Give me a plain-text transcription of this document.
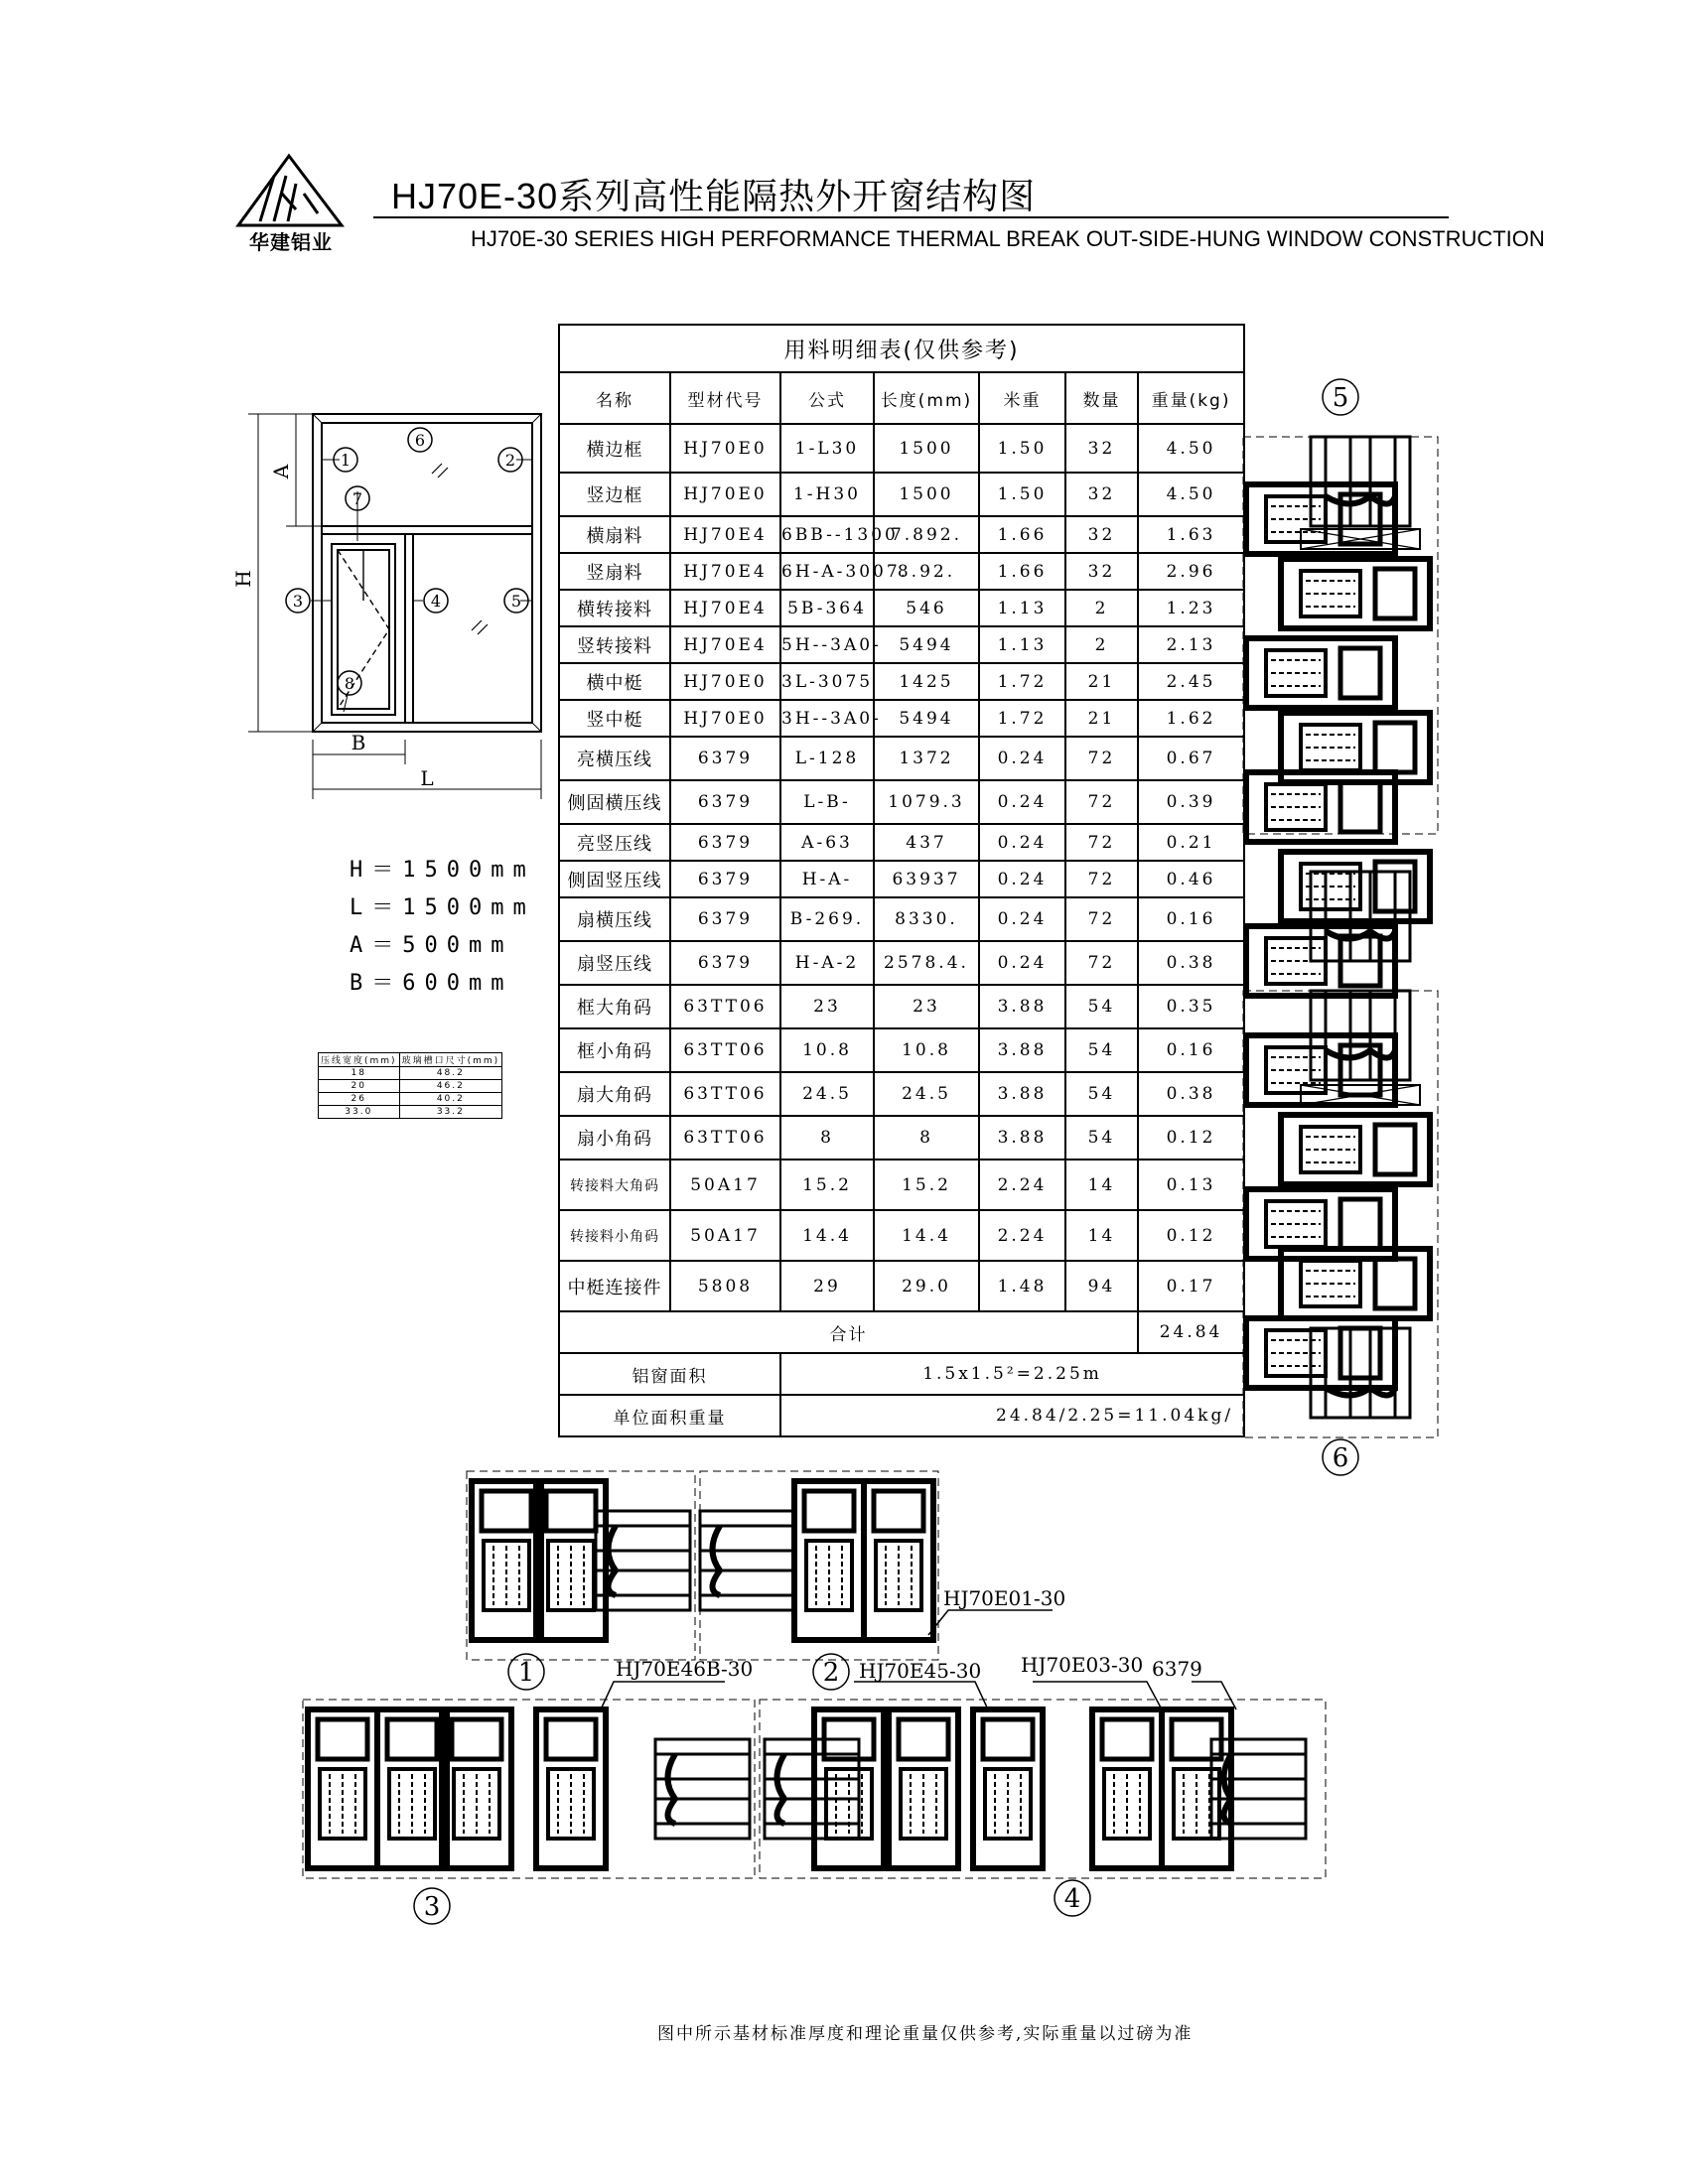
华建铝业
HJ70E-30系列高性能隔热外开窗结构图
HJ70E-30 SERIES HIGH PERFORMANCE THERMAL BREAK OUT-SIDE-HUNG WINDOW CONSTRUCTION
1
6
2
7
3	4	5
8
H
A
B
L
H＝1500mm
L＝1500mm
A＝500mm
B＝600mm
压线宽度(mm)	玻璃槽口尺寸(mm)
18	48.2
20	46.2
26	40.2
33.0	33.2
用料明细表(仅供参考)						
名称	型材代号	公式	长度(mm)	米重	数量	重量(kg)
横边框	HJ70E0	1-L30	1500	1.50	32	4.50
竖边框	HJ70E0	1-H30	1500	1.50	32	4.50
横扇料	HJ70E4	6BB--1300	7.892.	1.66	32	1.63
竖扇料	HJ70E4	6H-A-3007.	8.92.	1.66	32	2.96
横转接料	HJ70E4	5B-364	546	1.13	2	1.23
竖转接料	HJ70E4	5H--3A0-	5494	1.13	2	2.13
横中梃	HJ70E0	3L-3075	1425	1.72	21	2.45
竖中梃	HJ70E0	3H--3A0-	5494	1.72	21	1.62
亮横压线	6379	L-128	1372	0.24	72	0.67
侧固横压线	6379	L-B-	1079.3	0.24	72	0.39
亮竖压线	6379	A-63	437	0.24	72	0.21
侧固竖压线	6379	H-A-	63937	0.24	72	0.46
扇横压线	6379	B-269.	8330.	0.24	72	0.16
扇竖压线	6379	H-A-2	2578.4.	0.24	72	0.38
框大角码	63TT06	23	23	3.88	54	0.35
框小角码	63TT06	10.8	10.8	3.88	54	0.16
扇大角码	63TT06	24.5	24.5	3.88	54	0.38
扇小角码	63TT06	8	8	3.88	54	0.12
转接料大角码	50A17	15.2	15.2	2.24	14	0.13
转接料小角码	50A17	14.4	14.4	2.24	14	0.12
中梃连接件	5808	29	29.0	1.48	94	0.17
合计						24.84
铝窗面积		1.5x1.5²=2.25m				
单位面积重量		24.84/2.25=11.04kg/				
5
6
1	2
3	4
HJ70E01-30
HJ70E46B-30	HJ70E45-30 HJ70E03-30 6379
图中所示基材标准厚度和理论重量仅供参考,实际重量以过磅为准
